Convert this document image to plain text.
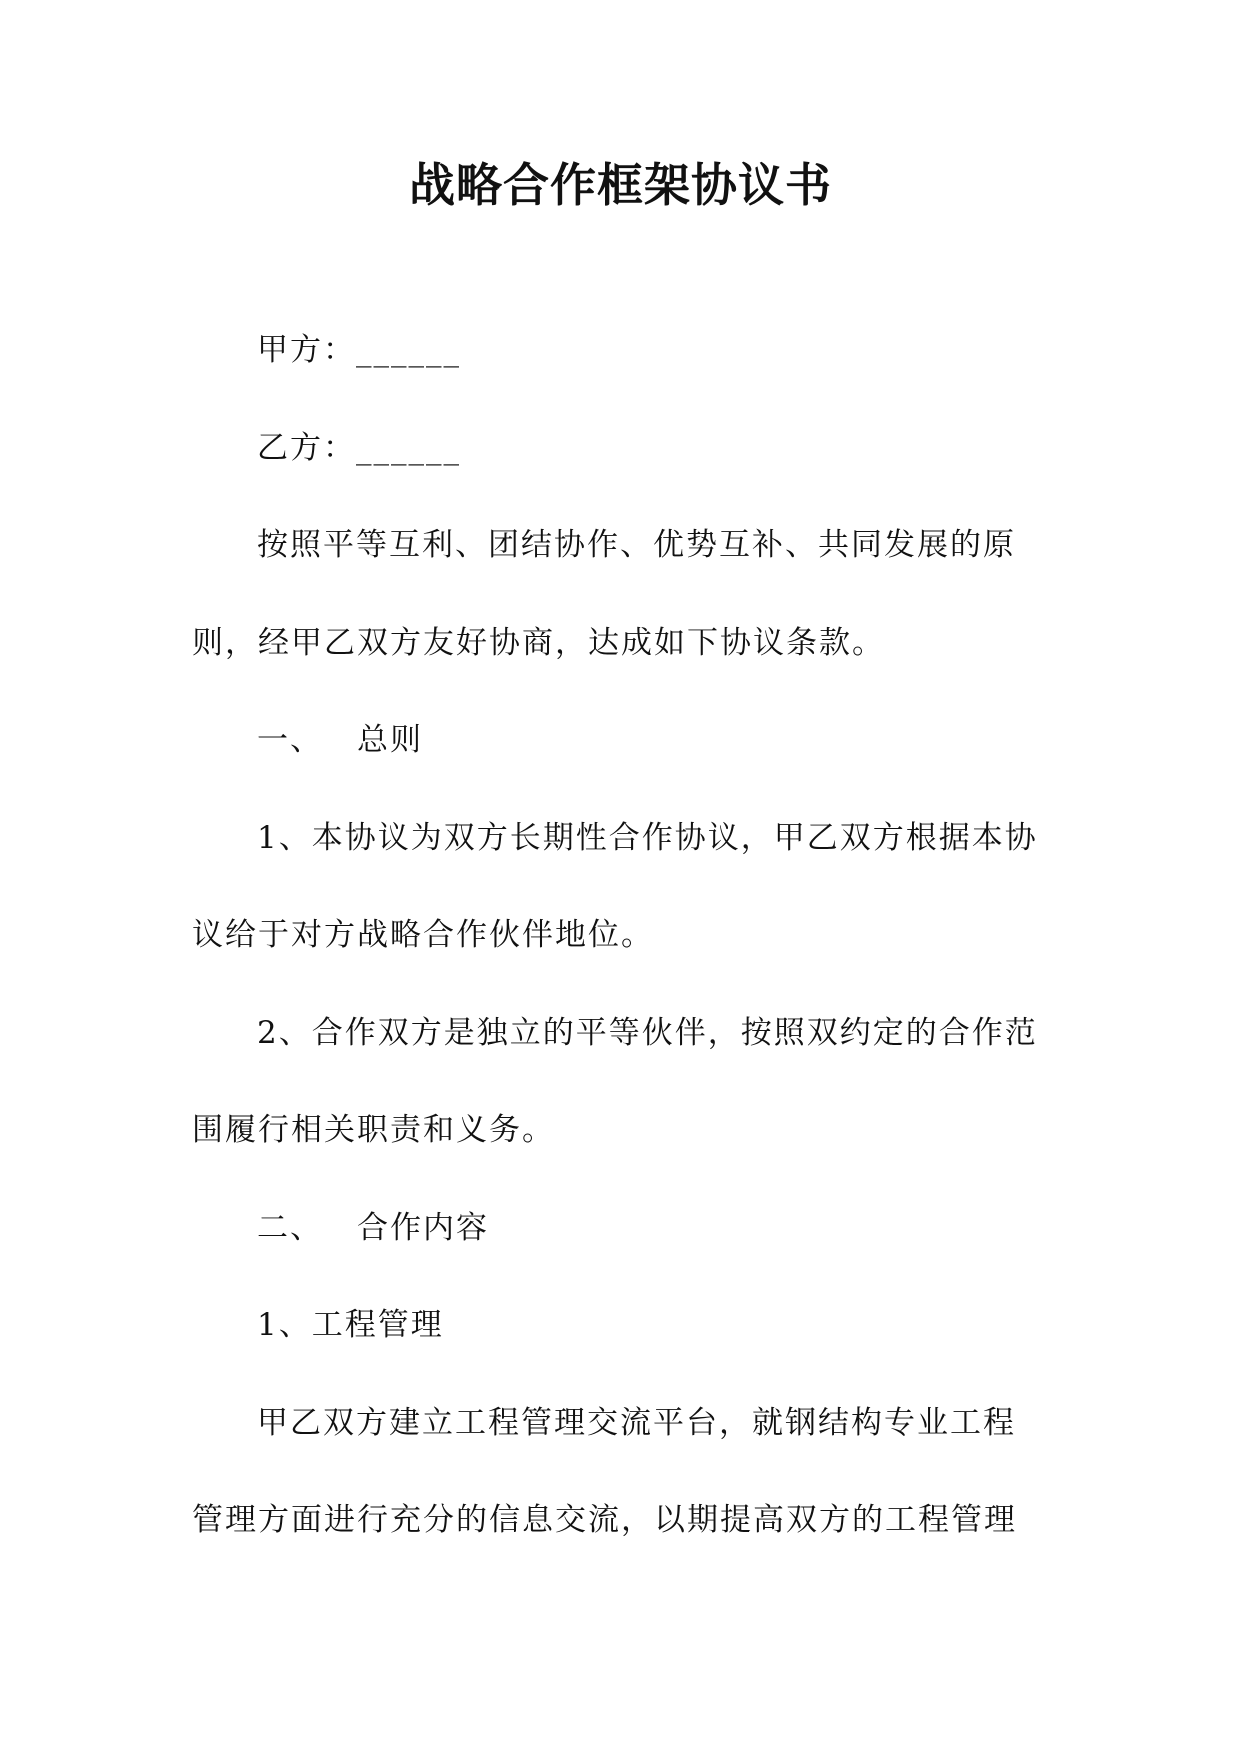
战略合作框架协议书

甲方：______

乙方：______

按照平等互利、团结协作、优势互补、共同发展的原

则，经甲乙双方友好协商，达成如下协议条款。

一、 总则

1、本协议为双方长期性合作协议，甲乙双方根据本协

议给于对方战略合作伙伴地位。

2、合作双方是独立的平等伙伴，按照双约定的合作范

围履行相关职责和义务。

二、 合作内容

1、工程管理

甲乙双方建立工程管理交流平台，就钢结构专业工程

管理方面进行充分的信息交流，以期提高双方的工程管理
